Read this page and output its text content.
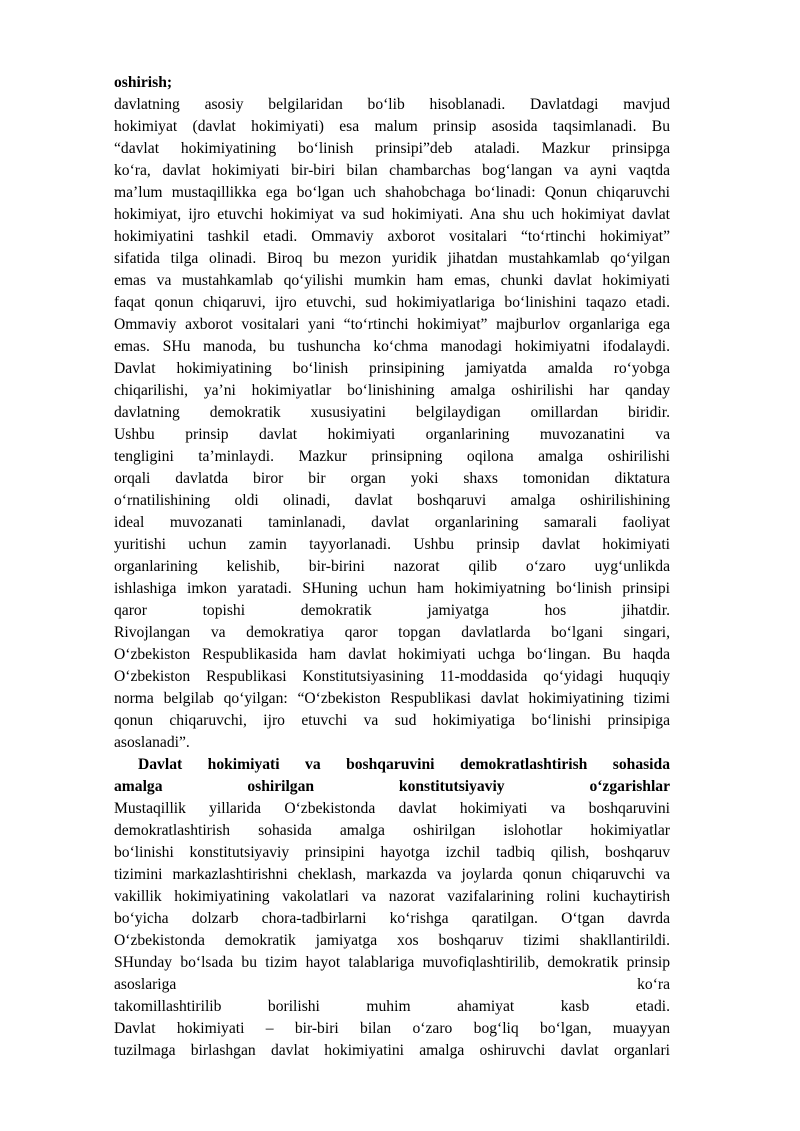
oshirish;
davlatning asosiy belgilaridan bo‘lib hisoblanadi. Davlatdagi mavjud
hokimiyat (davlat hokimiyati) esa malum prinsip asosida taqsimlanadi. Bu
“davlat hokimiyatining bo‘linish prinsipi”deb ataladi. Mazkur prinsipga
ko‘ra, davlat hokimiyati bir-biri bilan chambarchas bog‘langan va ayni vaqtda
ma’lum mustaqillikka ega bo‘lgan uch shahobchaga bo‘linadi: Qonun chiqaruvchi
hokimiyat, ijro etuvchi hokimiyat va sud hokimiyati. Ana shu uch hokimiyat davlat
hokimiyatini tashkil etadi. Ommaviy axborot vositalari “to‘rtinchi hokimiyat”
sifatida tilga olinadi. Biroq bu mezon yuridik jihatdan mustahkamlab qo‘yilgan
emas va mustahkamlab qo‘yilishi mumkin ham emas, chunki davlat hokimiyati
faqat qonun chiqaruvi, ijro etuvchi, sud hokimiyatlariga bo‘linishini taqazo etadi.
Ommaviy axborot vositalari yani “to‘rtinchi hokimiyat” majburlov organlariga ega
emas. SHu manoda, bu tushuncha ko‘chma manodagi hokimiyatni ifodalaydi.
Davlat hokimiyatining bo‘linish prinsipining jamiyatda amalda ro‘yobga
chiqarilishi, ya’ni hokimiyatlar bo‘linishining amalga oshirilishi har qanday
davlatning demokratik xususiyatini belgilaydigan omillardan biridir.
Ushbu prinsip davlat hokimiyati organlarining muvozanatini va
tengligini ta’minlaydi. Mazkur prinsipning oqilona amalga oshirilishi
orqali davlatda biror bir organ yoki shaxs tomonidan diktatura
o‘rnatilishining oldi olinadi, davlat boshqaruvi amalga oshirilishining
ideal muvozanati taminlanadi, davlat organlarining samarali faoliyat
yuritishi uchun zamin tayyorlanadi. Ushbu prinsip davlat hokimiyati
organlarining kelishib, bir-birini nazorat qilib o‘zaro uyg‘unlikda
ishlashiga imkon yaratadi. SHuning uchun ham hokimiyatning bo‘linish prinsipi
qaror topishi demokratik jamiyatga hos jihatdir.
Rivojlangan va demokratiya qaror topgan davlatlarda bo‘lgani singari,
O‘zbekiston Respublikasida ham davlat hokimiyati uchga bo‘lingan. Bu haqda
O‘zbekiston Respublikasi Konstitutsiyasining 11-moddasida qo‘yidagi huquqiy
norma belgilab qo‘yilgan: “O‘zbekiston Respublikasi davlat hokimiyatining tizimi
qonun chiqaruvchi, ijro etuvchi va sud hokimiyatiga bo‘linishi prinsipiga
asoslanadi”.
Davlat hokimiyati va boshqaruvini demokratlashtirish sohasida
amalga oshirilgan konstitutsiyaviy o‘zgarishlar
Mustaqillik yillarida O‘zbekistonda davlat hokimiyati va boshqaruvini
demokratlashtirish sohasida amalga oshirilgan islohotlar hokimiyatlar
bo‘linishi konstitutsiyaviy prinsipini hayotga izchil tadbiq qilish, boshqaruv
tizimini markazlashtirishni cheklash, markazda va joylarda qonun chiqaruvchi va
vakillik hokimiyatining vakolatlari va nazorat vazifalarining rolini kuchaytirish
bo‘yicha dolzarb chora-tadbirlarni ko‘rishga qaratilgan. O‘tgan davrda
O‘zbekistonda demokratik jamiyatga xos boshqaruv tizimi shakllantirildi.
SHunday bo‘lsada bu tizim hayot talablariga muvofiqlashtirilib, demokratik prinsip
asoslariga ko‘ra
takomillashtirilib borilishi muhim ahamiyat kasb etadi.
Davlat hokimiyati – bir-biri bilan o‘zaro bog‘liq bo‘lgan, muayyan
tuzilmaga birlashgan davlat hokimiyatini amalga oshiruvchi davlat organlari
